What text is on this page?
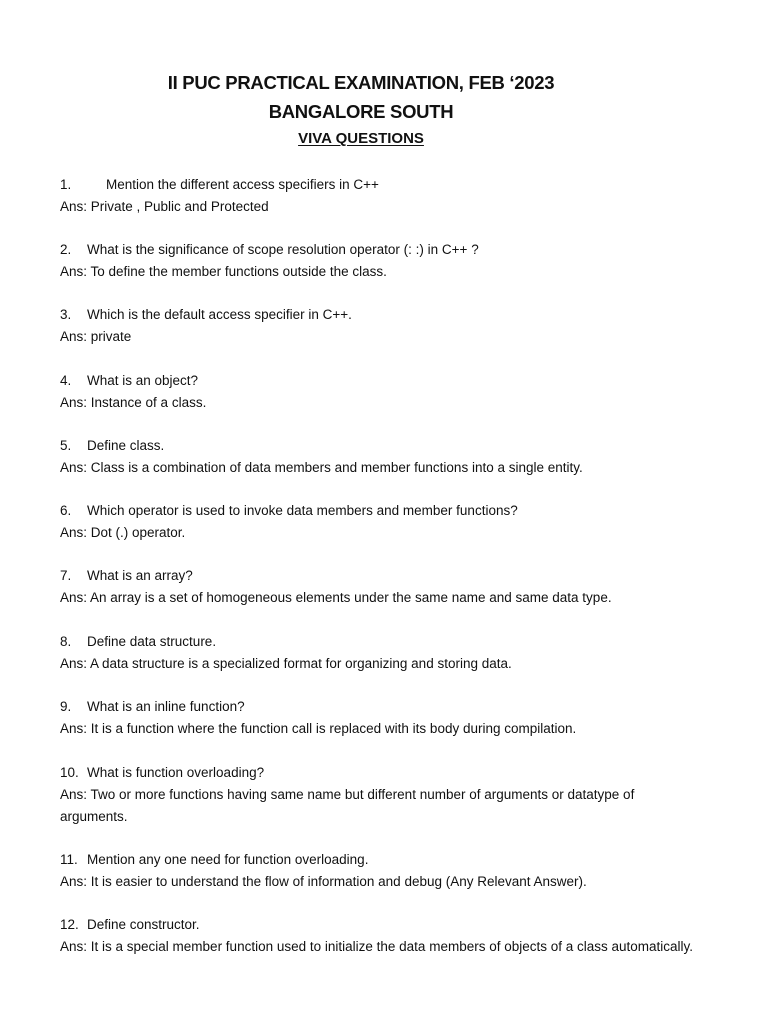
II PUC PRACTICAL EXAMINATION, FEB ‘2023
BANGALORE SOUTH
VIVA QUESTIONS
1.	Mention the different access specifiers in C++
Ans: Private , Public and Protected
2. What is the significance of scope resolution operator (: :) in C++ ?
Ans: To define the member functions outside the class.
3. Which is the default access specifier in C++.
Ans: private
4. What is an object?
Ans: Instance of a class.
5. Define class.
Ans: Class is a combination of data members and member functions into a single entity.
6. Which operator is used to invoke data members and member functions?
Ans: Dot (.) operator.
7. What is an array?
Ans: An array is a set of homogeneous elements under the same name and same data type.
8. Define data structure.
Ans: A data structure is a specialized format for organizing and storing data.
9. What is an inline function?
Ans: It is a function where the function call is replaced with its body during compilation.
10. What is function overloading?
Ans: Two or more functions having same name but different number of arguments or datatype of arguments.
11. Mention any one need for function overloading.
Ans: It is easier to understand the flow of information and debug (Any Relevant Answer).
12. Define constructor.
Ans: It is a special member function used to initialize the data members of objects of a class automatically.
